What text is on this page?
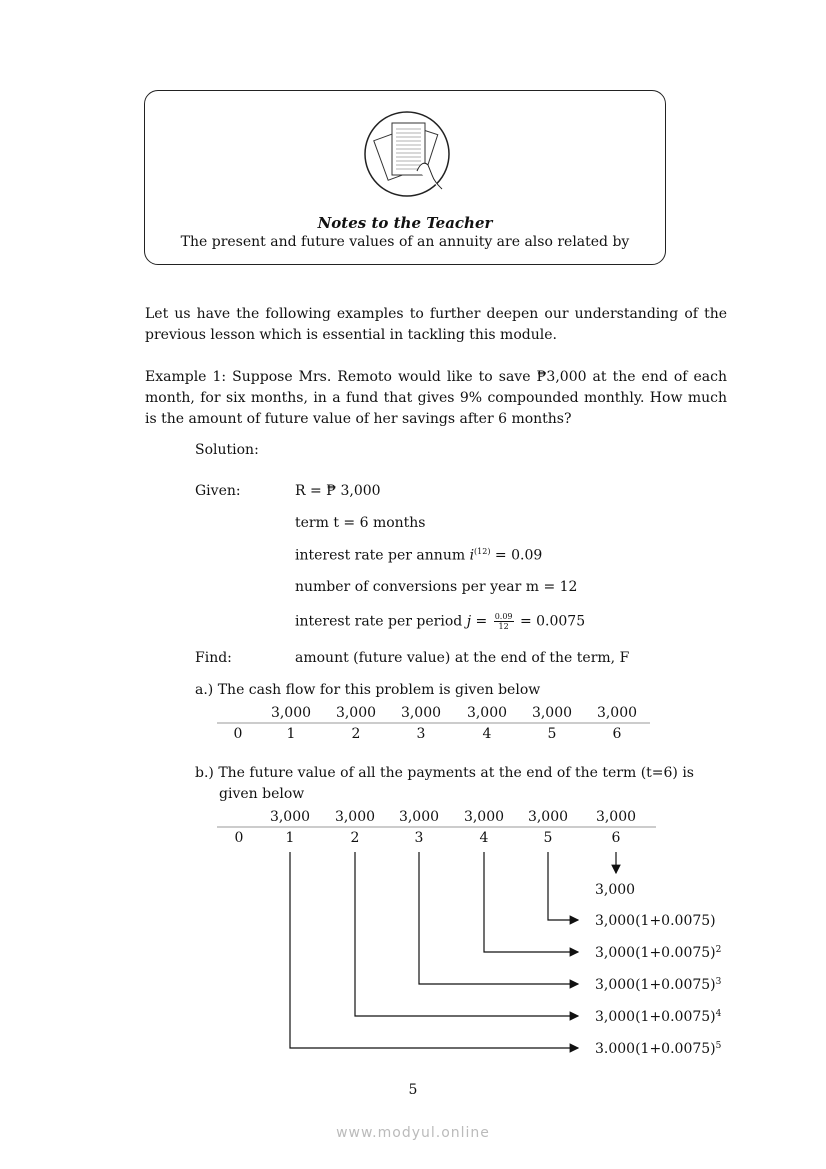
Notes to the Teacher
The present and future values of an annuity are also related by
Let us have the following examples to further deepen our understanding of the previous lesson which is essential in tackling this module.
Example 1: Suppose Mrs. Remoto would like to save ₱3,000 at the end of each month, for six months, in a fund that gives 9% compounded monthly. How much is the amount of future value of her savings after 6 months?
Solution:
Given:	R = ₱ 3,000
term t = 6 months
interest rate per annum $i^{(12)} = 0.09$
number of conversions per year m = 12
interest rate per period $j = \frac{0.09}{12} = 0.0075$
Find:	amount (future value) at the end of the term, F
a.) The cash flow for this problem is given below
b.) The future value of all the payments at the end of the term (t=6) is
given below
3,000 3,000 3,000 3,000 3,000 3,000
0	1	2	3	4	5	6
3,000 3,000 3,000 3,000 3,000 3,000
0	1	2	3	4	5	6
3,000
3,000(1+0.0075)
$3,000(1+0.0075)^2$
$3,000(1+0.0075)^3$
$3,000(1+0.0075)^4$
$3.000(1+0.0075)^5$
5
www.modyul.online
